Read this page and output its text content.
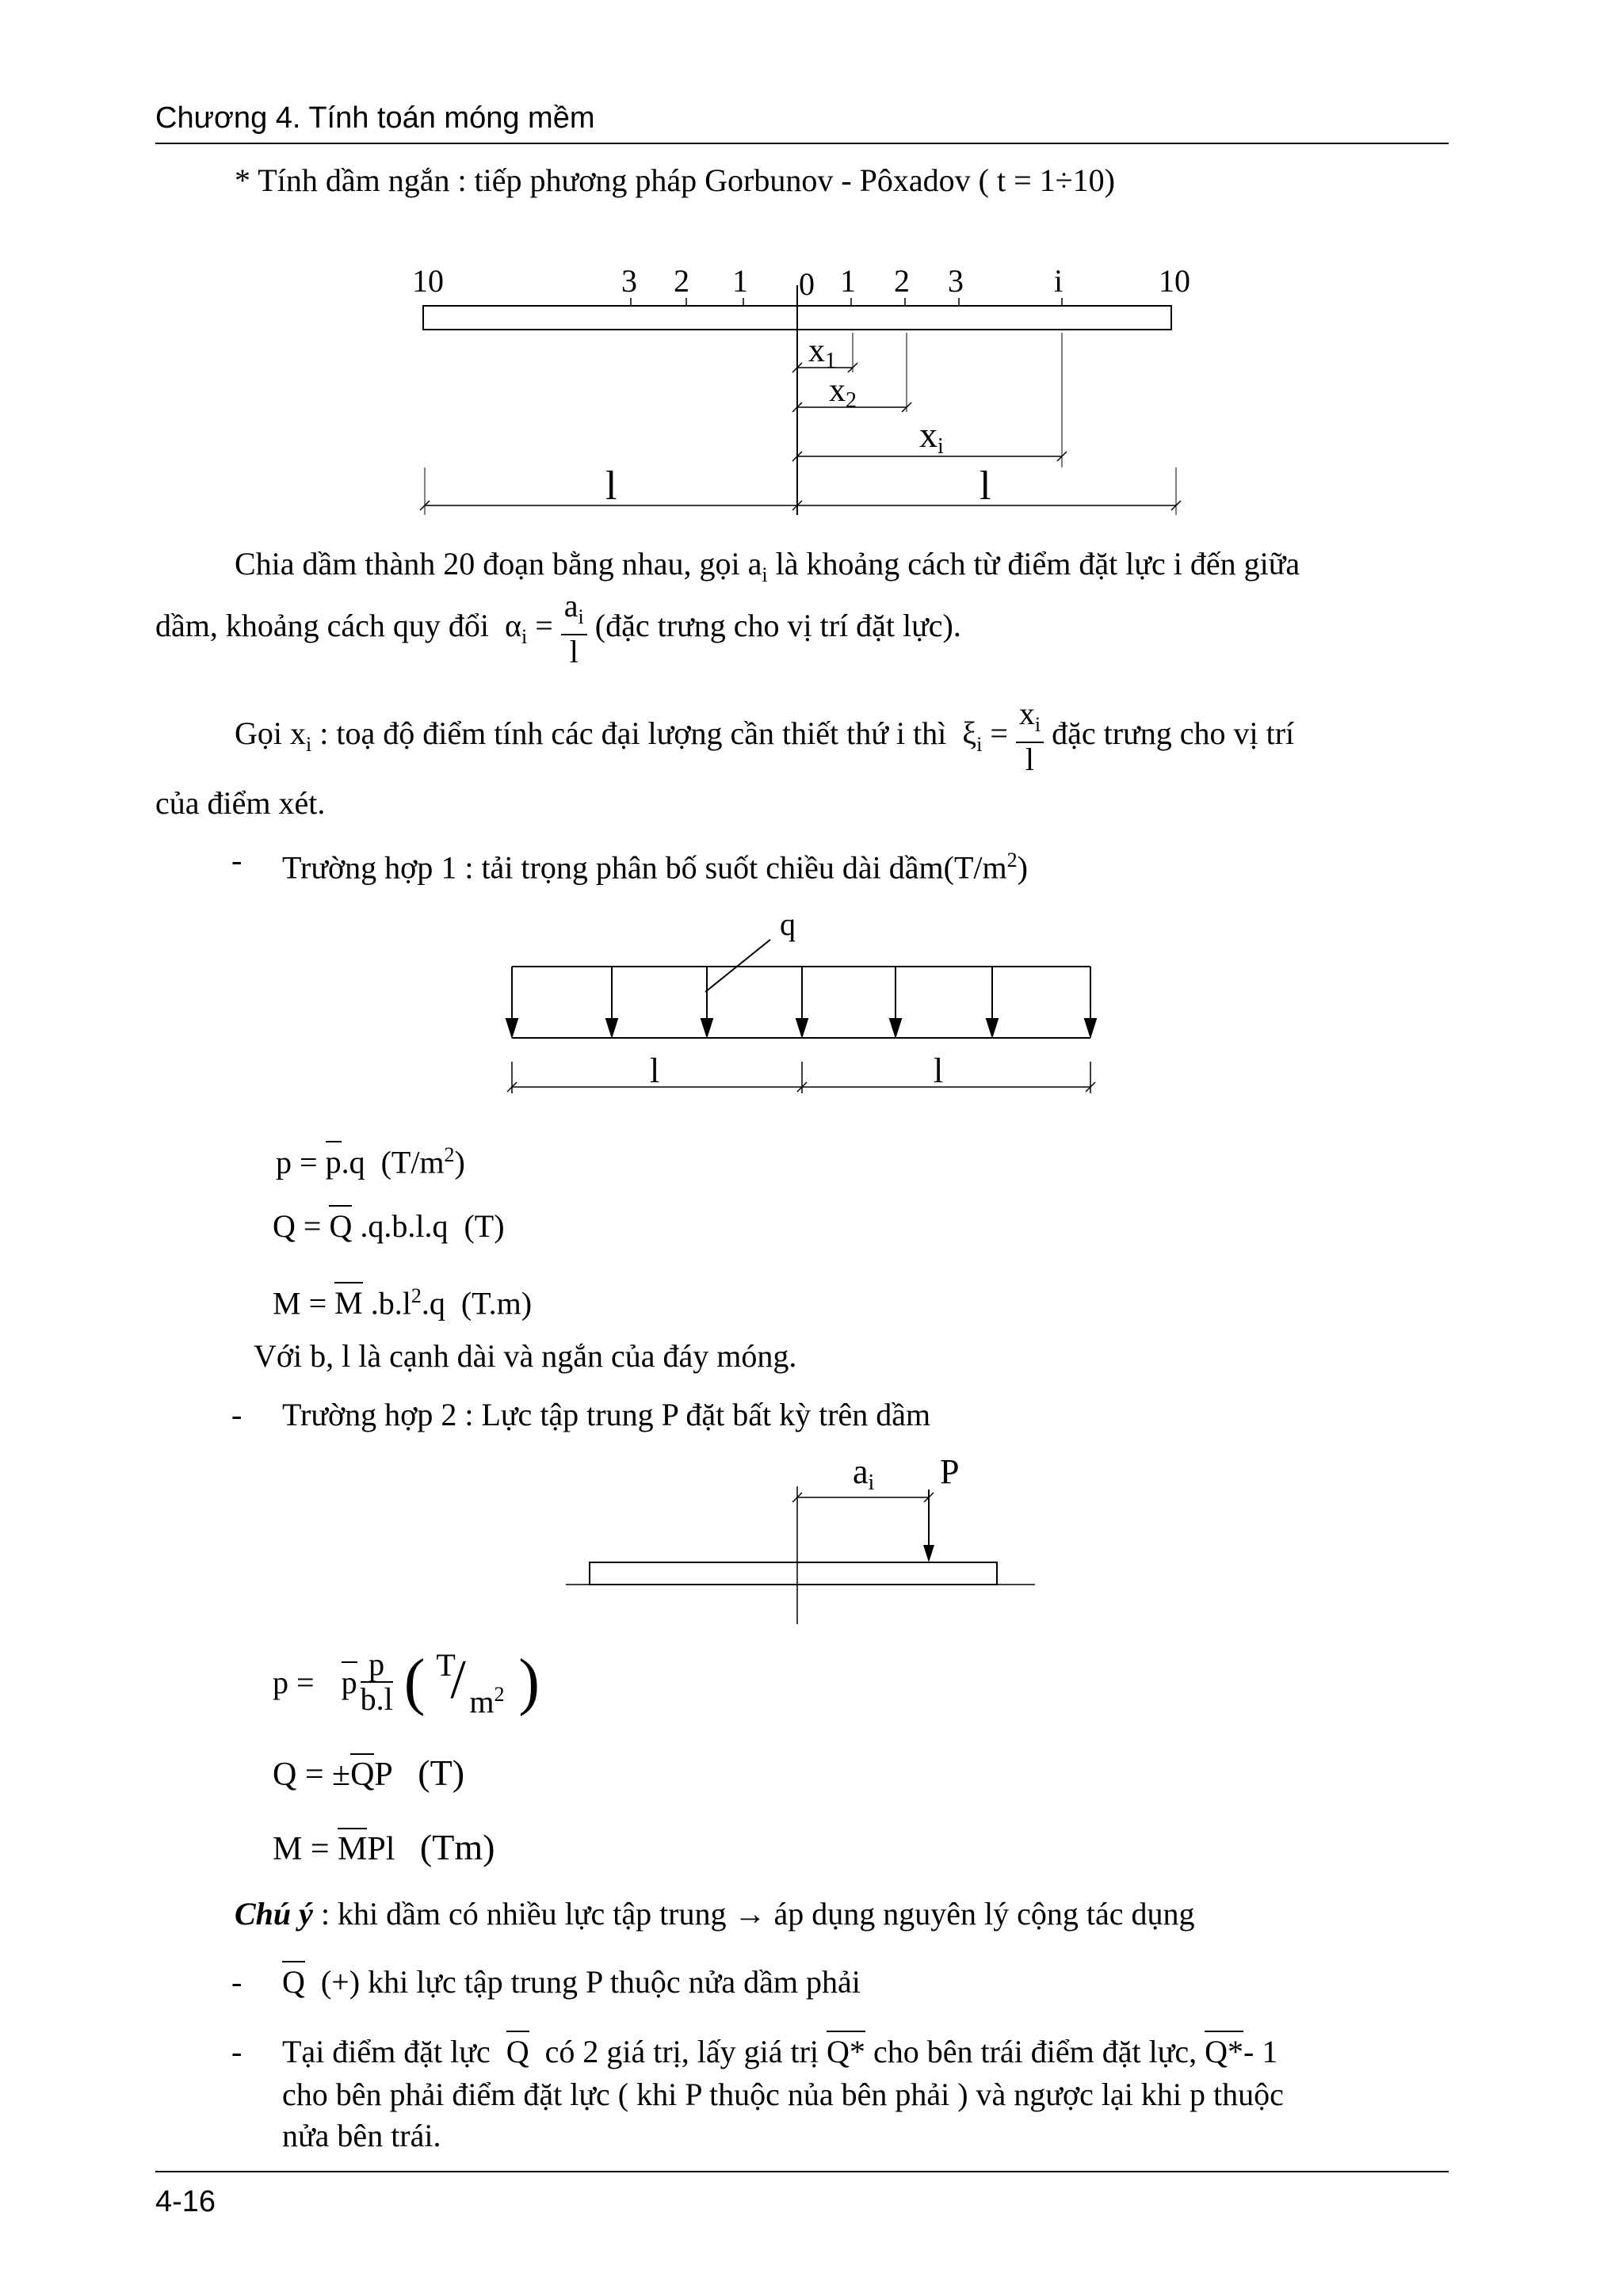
Chương 4. Tính toán móng mềm
* Tính dầm ngắn : tiếp phương pháp Gorbunov - Pôxadov ( t = 1÷10)
10	3 2 1 0 1 2 3	i	10
x1
x2
xi
l	l
Chia dầm thành 20 đoạn bằng nhau, gọi $a_i$ là khoảng cách từ điểm đặt lực i đến giữa
dầm, khoảng cách quy đổi $\alpha_i = \frac{a_i}{l}$ (đặc trưng cho vị trí đặt lực).
Gọi $x_i$ : toạ độ điểm tính các đại lượng cần thiết thứ i thì $\xi_i = \frac{x_i}{l}$ đặc trưng cho vị trí
của điểm xét.
- Trường hợp 1 : tải trọng phân bố suốt chiều dài $dầm(T/m^2)$
q
l	l
p = p.q  $(T/m^2)$
Q = Q .q.b.l.q  (T)
M = M $.b.l^2.q$  (T.m)
Với b, l là cạnh dài và ngắn của đáy móng.
- Trường hợp 2 : Lực tập trung P đặt bất kỳ trên dầm
ai P
p = p $\frac{p}{b.l}$ ( T
/ $m^2$ )
Q = ±QP (T)
M = MPl (Tm)
Chú ý : khi dầm có nhiều lực tập trung → áp dụng nguyên lý cộng tác dụng
- Q (+) khi lực tập trung P thuộc nửa dầm phải
- Tại điểm đặt lực Q có 2 giá trị, lấy giá trị Q* cho bên trái điểm đặt lực, Q*- 1
cho bên phải điểm đặt lực ( khi P thuộc nủa bên phải ) và ngược lại khi p thuộc
nửa bên trái.
4-16
